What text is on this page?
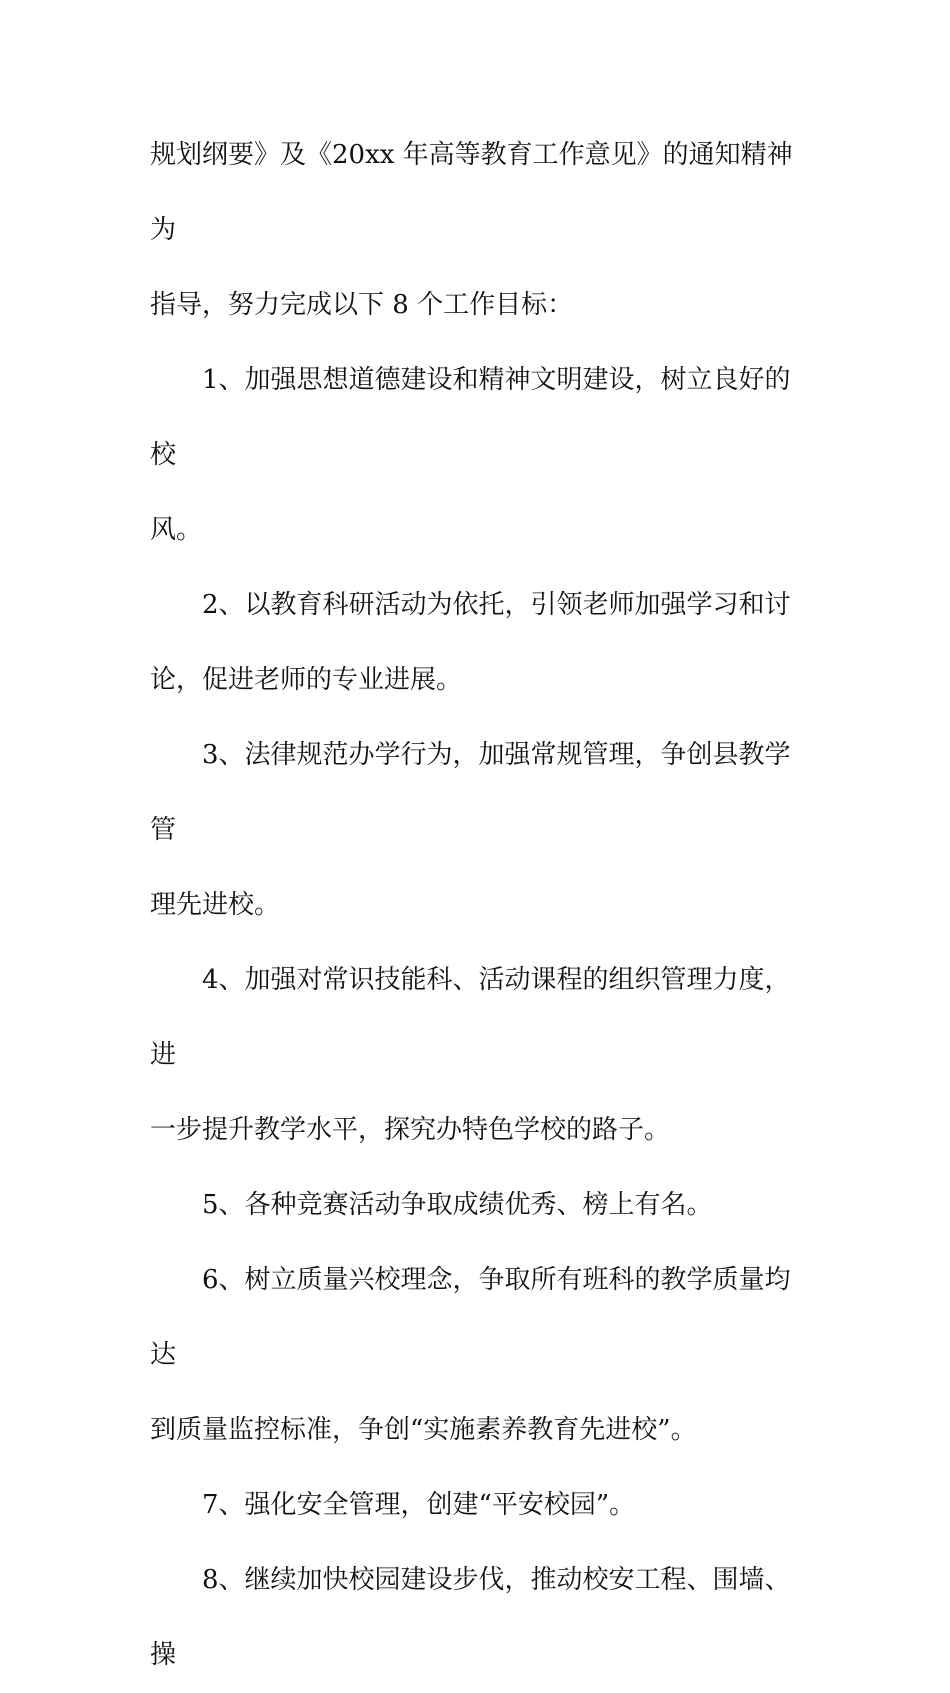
规划纲要》及《20xx 年高等教育工作意见》的通知精神为

指导，努力完成以下 8 个工作目标：

1、加强思想道德建设和精神文明建设，树立良好的校

风。

2、以教育科研活动为依托，引领老师加强学习和讨

论，促进老师的专业进展。

3、法律规范办学行为，加强常规管理，争创县教学管

理先进校。

4、加强对常识技能科、活动课程的组织管理力度，进

一步提升教学水平，探究办特色学校的路子。

5、各种竞赛活动争取成绩优秀、榜上有名。

6、树立质量兴校理念，争取所有班科的教学质量均达

到质量监控标准，争创“实施素养教育先进校”。

7、强化安全管理，创建“平安校园”。

8、继续加快校园建设步伐，推动校安工程、围墙、操
